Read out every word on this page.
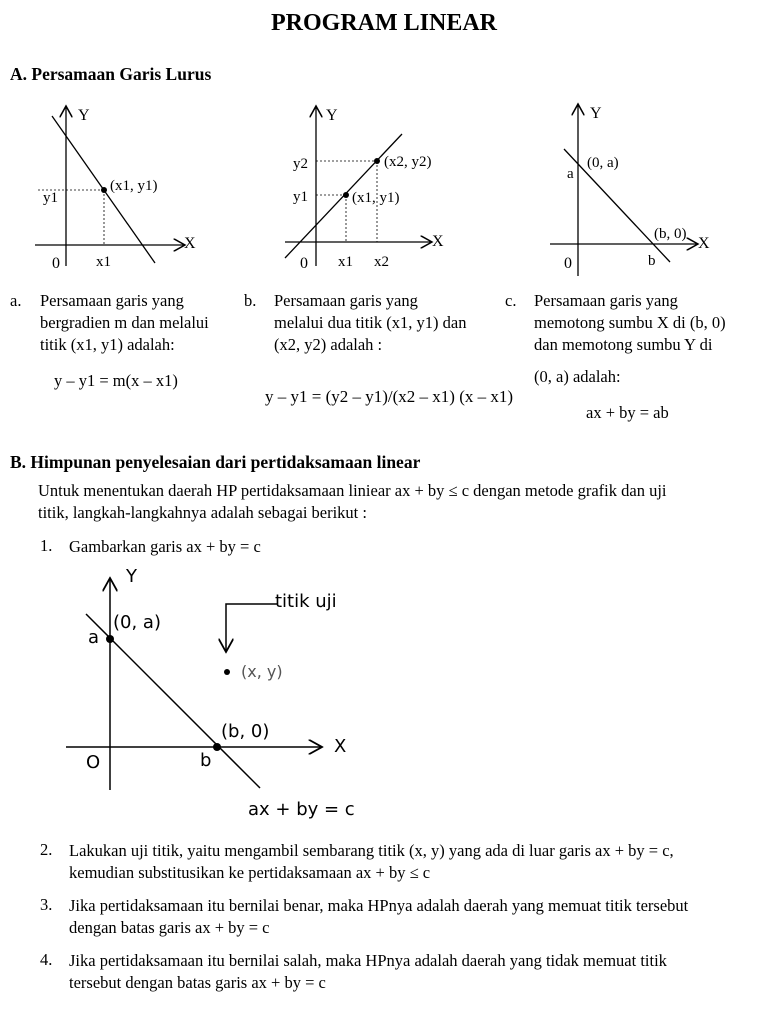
PROGRAM LINEAR
A. Persamaan Garis Lurus
Y
X
0
(x1, y1)
y1
x1
Y
X
0
(x1, y1)
(x2, y2)
y2
y1
x1 x2
Y
X
0
(0, a)
(b, 0)
a
b
a. Persamaan garis yang
bergradien m dan melalui
titik (x1, y1) adalah:
y – y1 = m(x – x1)
b. Persamaan garis yang
melalui dua titik (x1, y1) dan
(x2, y2) adalah :
y – y1 = (y2 – y1)/(x2 – x1) (x – x1)
c. Persamaan garis yang
memotong sumbu X di (b, 0)
dan memotong sumbu Y di
(0, a) adalah:
ax + by = ab
B. Himpunan penyelesaian dari pertidaksamaan linear
Untuk menentukan daerah HP pertidaksamaan liniear ax + by ≤ c dengan metode grafik dan uji
titik, langkah-langkahnya adalah sebagai berikut :
1. Gambarkan garis ax + by = c
Y
X
O
(0, a)
(b, 0)
a
b
titik uji
(x, y)
ax + by = c
2. Lakukan uji titik, yaitu mengambil sembarang titik (x, y) yang ada di luar garis ax + by = c,
kemudian substitusikan ke pertidaksamaan ax + by ≤ c
3. Jika pertidaksamaan itu bernilai benar, maka HPnya adalah daerah yang memuat titik tersebut
dengan batas garis ax + by = c
4. Jika pertidaksamaan itu bernilai salah, maka HPnya adalah daerah yang tidak memuat titik
tersebut dengan batas garis ax + by = c
